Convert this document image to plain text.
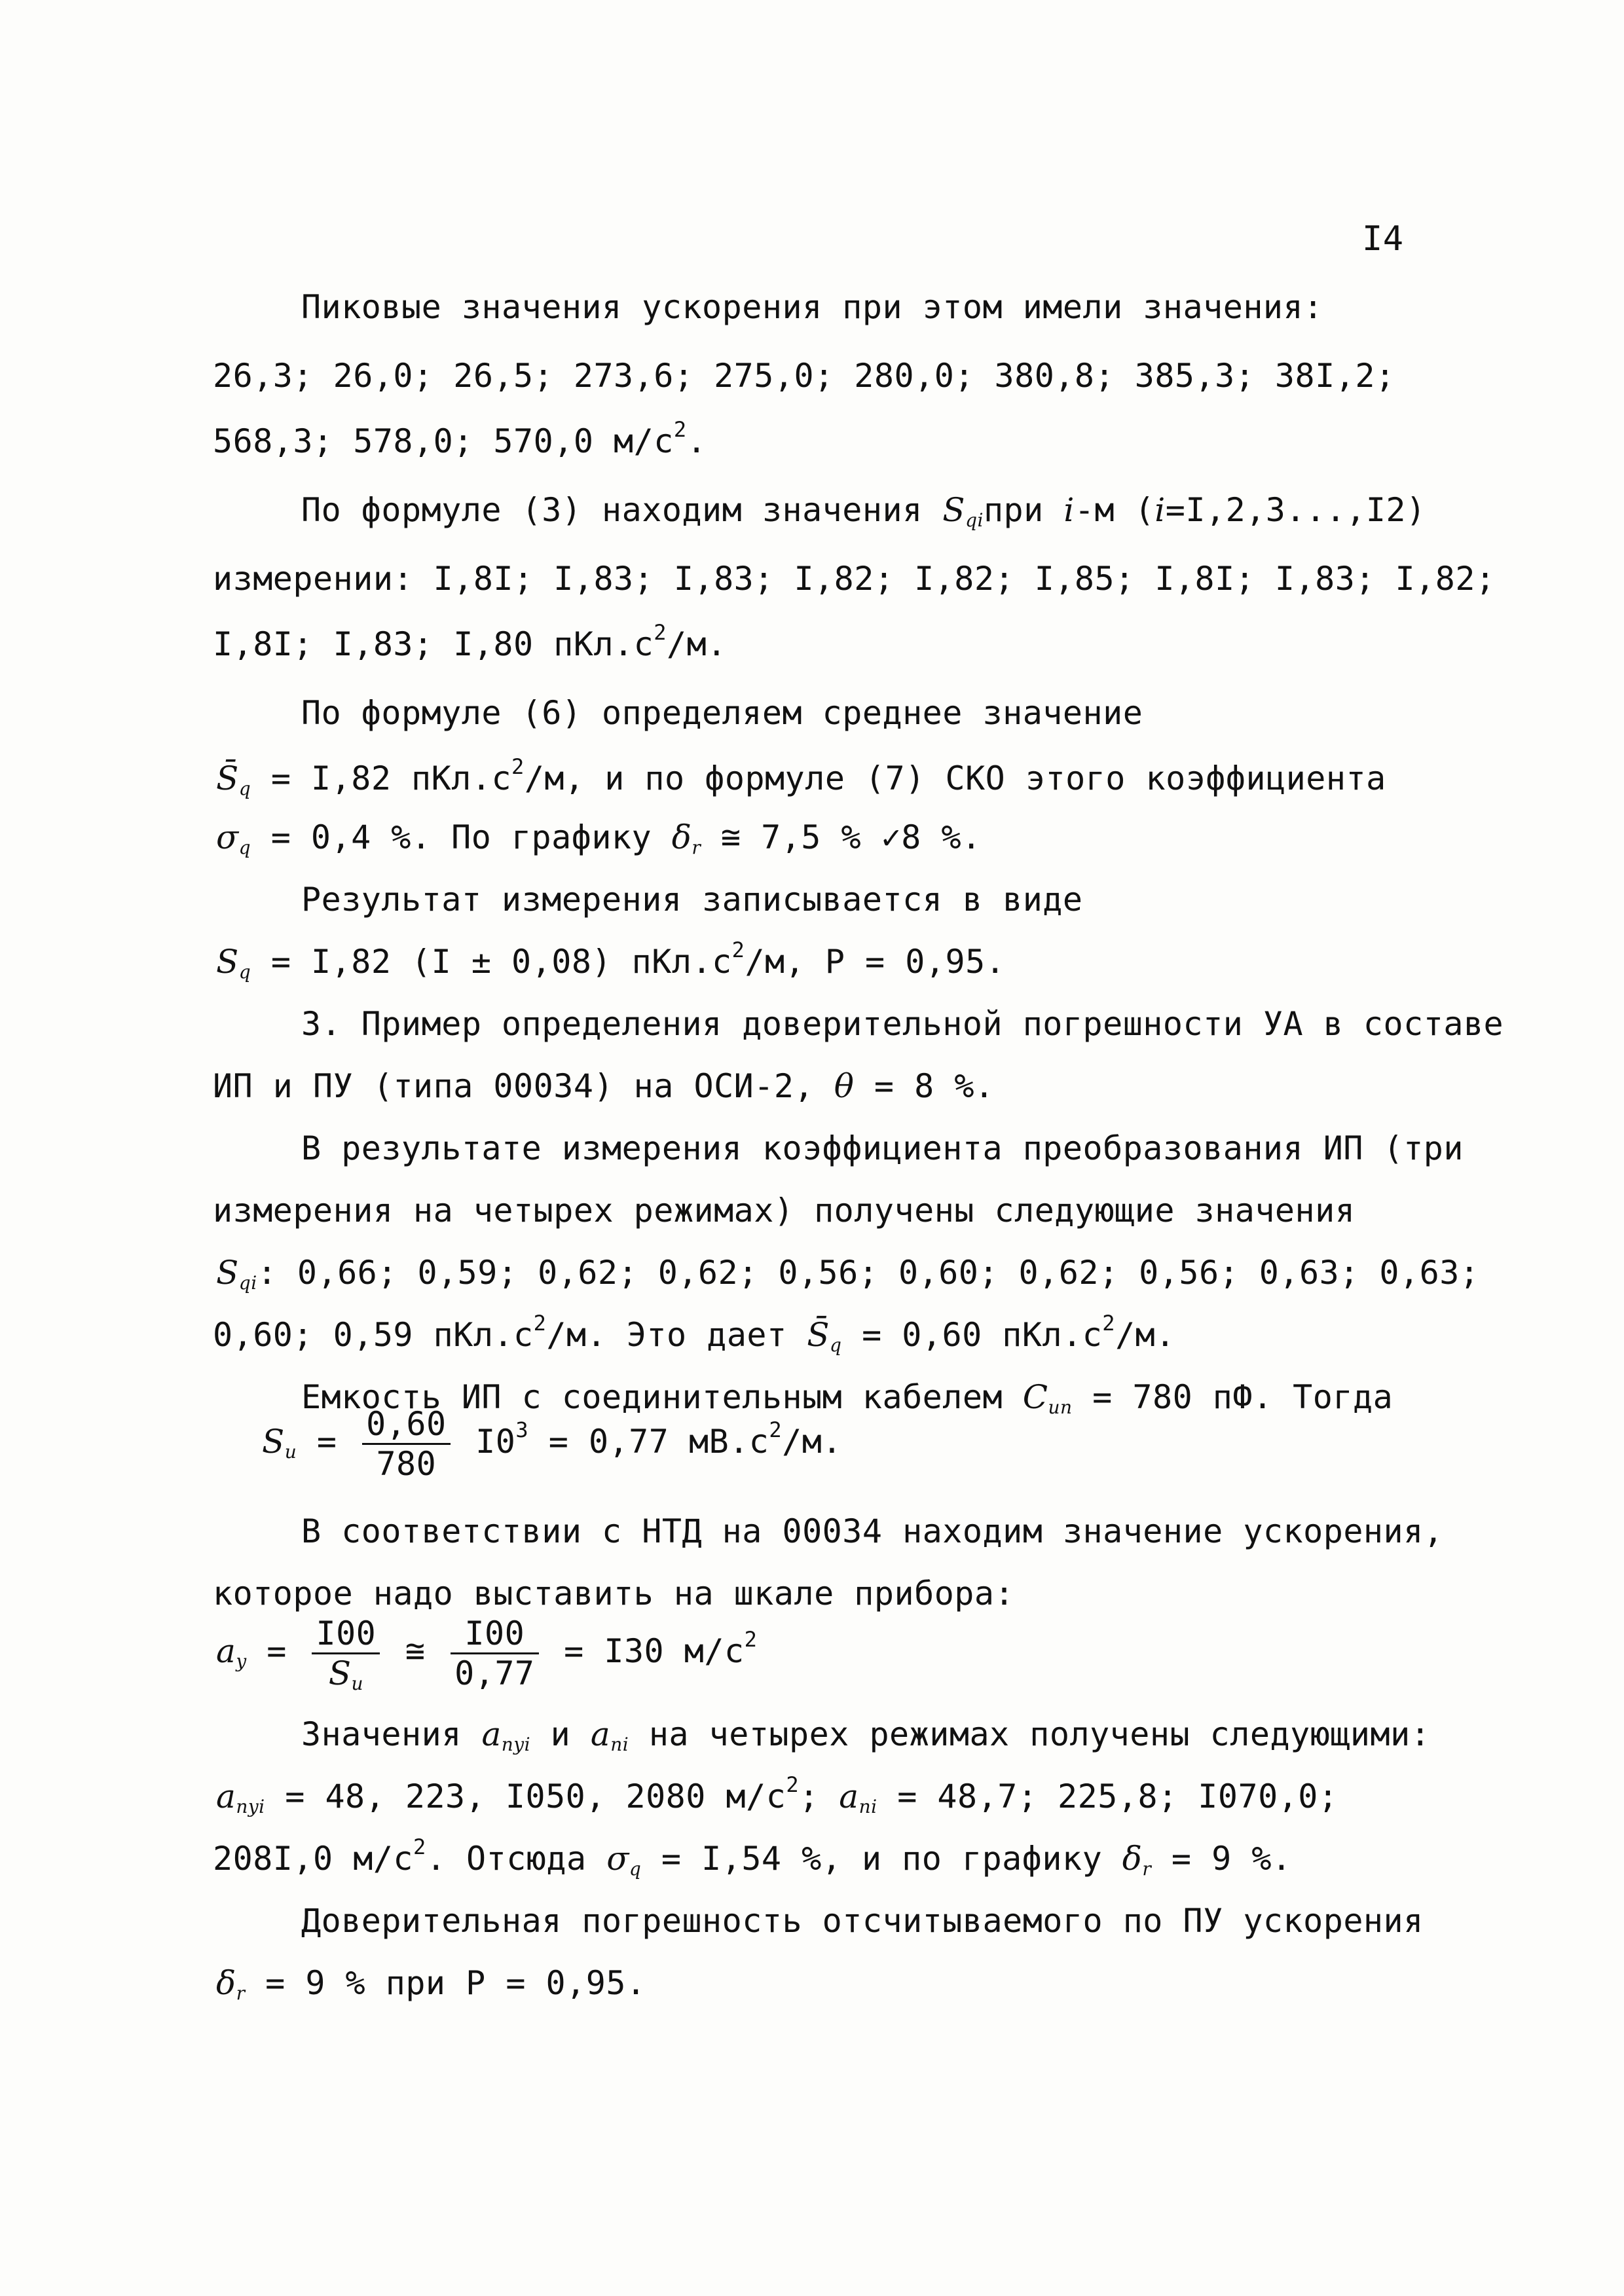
I4
Пиковые значения ускорения при этом имели значения:
26,3; 26,0; 26,5; 273,6; 275,0; 280,0; 380,8; 385,3; 38I,2;
568,3; 578,0; 570,0 $м/с^2$.
По формуле (3) находим значения $S_{qi}при$ i-м (i=I,2,3...,I2)
измерении: I,8I; I,83; I,83; I,82; I,82; I,85; I,8I; I,83; I,82;
I,8I; I,83; I,80 $пКл.с^2/м$.
По формуле (6) определяем среднее значение
$S̄_q = I,82$ $пКл.с^2/м$, и по формуле (7) СКО этого коэффициента
$\sigma_q = 0,4$ %. По графику $\delta_r$ ≅ 7,5 % ✓8 %.
Результат измерения записывается в виде
$S_q = I,82$ (I ± 0,08) $пКл.с^2/м$, Р = 0,95.
3. Пример определения доверительной погрешности УА в составе
ИП и ПУ (типа 00034) на ОСИ-2, θ = 8 %.
В результате измерения коэффициента преобразования ИП (три
измерения на четырех режимах) получены следующие значения
$S_{qi}$: 0,66; 0,59; 0,62; 0,62; 0,56; 0,60; 0,62; 0,56; 0,63; 0,63;
0,60; 0,59 $пКл.с^2/м$. Это дает $S̄_q = 0,60$ $пКл.с^2/м$.
Емкость ИП с соединительным кабелем $C_{ип} = 780$ пФ. Тогда
$S_и = \frac{0,60}{780} I0^3 = 0,77$ $мВ.с^2/м$.
В соответствии с НТД на 00034 находим значение ускорения,
которое надо выставить на шкале прибора:
$a_y = \frac{I00}{S_и}$ ≅ $\frac{I00}{0,77} = I30$ $м/с^2$
Значения $a_{nyi}$ и $a_{ni}$ на четырех режимах получены следующими:
$a_{nyi} = 48$, 223, I050, 2080 $м/с^2$; $a_{ni} = 48,7$; 225,8; I070,0;
208I,0 $м/с^2$. Отсюда $\sigma_q = I,54$ %, и по графику $\delta_r = 9$ %.
Доверительная погрешность отсчитываемого по ПУ ускорения
$\delta_r = 9$ % при Р = 0,95.
